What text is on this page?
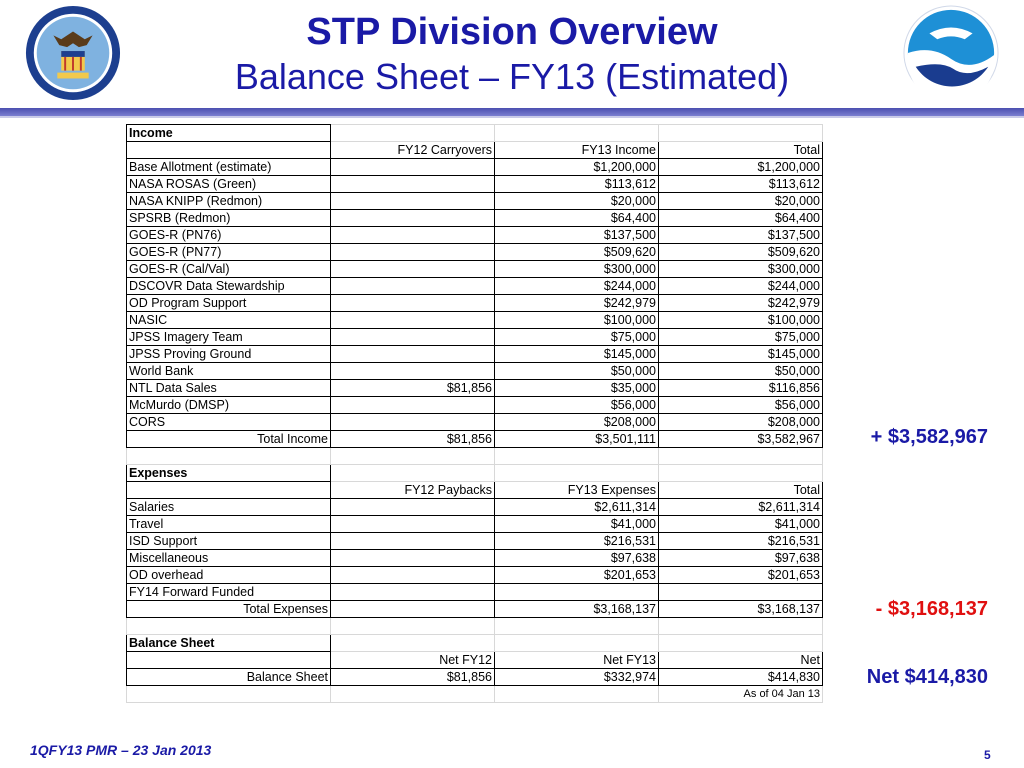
STP Division Overview
Balance Sheet – FY13 (Estimated)
Income			
	FY12 Carryovers	FY13 Income	Total
Base Allotment (estimate)		$1,200,000	$1,200,000
NASA ROSAS (Green)		$113,612	$113,612
NASA KNIPP (Redmon)		$20,000	$20,000
SPSRB (Redmon)		$64,400	$64,400
GOES-R (PN76)		$137,500	$137,500
GOES-R (PN77)		$509,620	$509,620
GOES-R (Cal/Val)		$300,000	$300,000
DSCOVR Data Stewardship		$244,000	$244,000
OD Program Support		$242,979	$242,979
NASIC		$100,000	$100,000
JPSS Imagery Team		$75,000	$75,000
JPSS Proving Ground		$145,000	$145,000
World Bank		$50,000	$50,000
NTL Data Sales	$81,856	$35,000	$116,856
McMurdo (DMSP)		$56,000	$56,000
CORS		$208,000	$208,000
Total Income	$81,856	$3,501,111	$3,582,967

Expenses			
	FY12 Paybacks	FY13 Expenses	Total
Salaries		$2,611,314	$2,611,314
Travel		$41,000	$41,000
ISD Support		$216,531	$216,531
Miscellaneous		$97,638	$97,638
OD overhead		$201,653	$201,653
FY14 Forward Funded			
Total Expenses		$3,168,137	$3,168,137

Balance Sheet			
	Net FY12	Net FY13	Net
Balance Sheet	$81,856	$332,974	$414,830
			As of 04 Jan 13
+ $3,582,967
- $3,168,137
Net $414,830
1QFY13 PMR – 23 Jan 2013	5
